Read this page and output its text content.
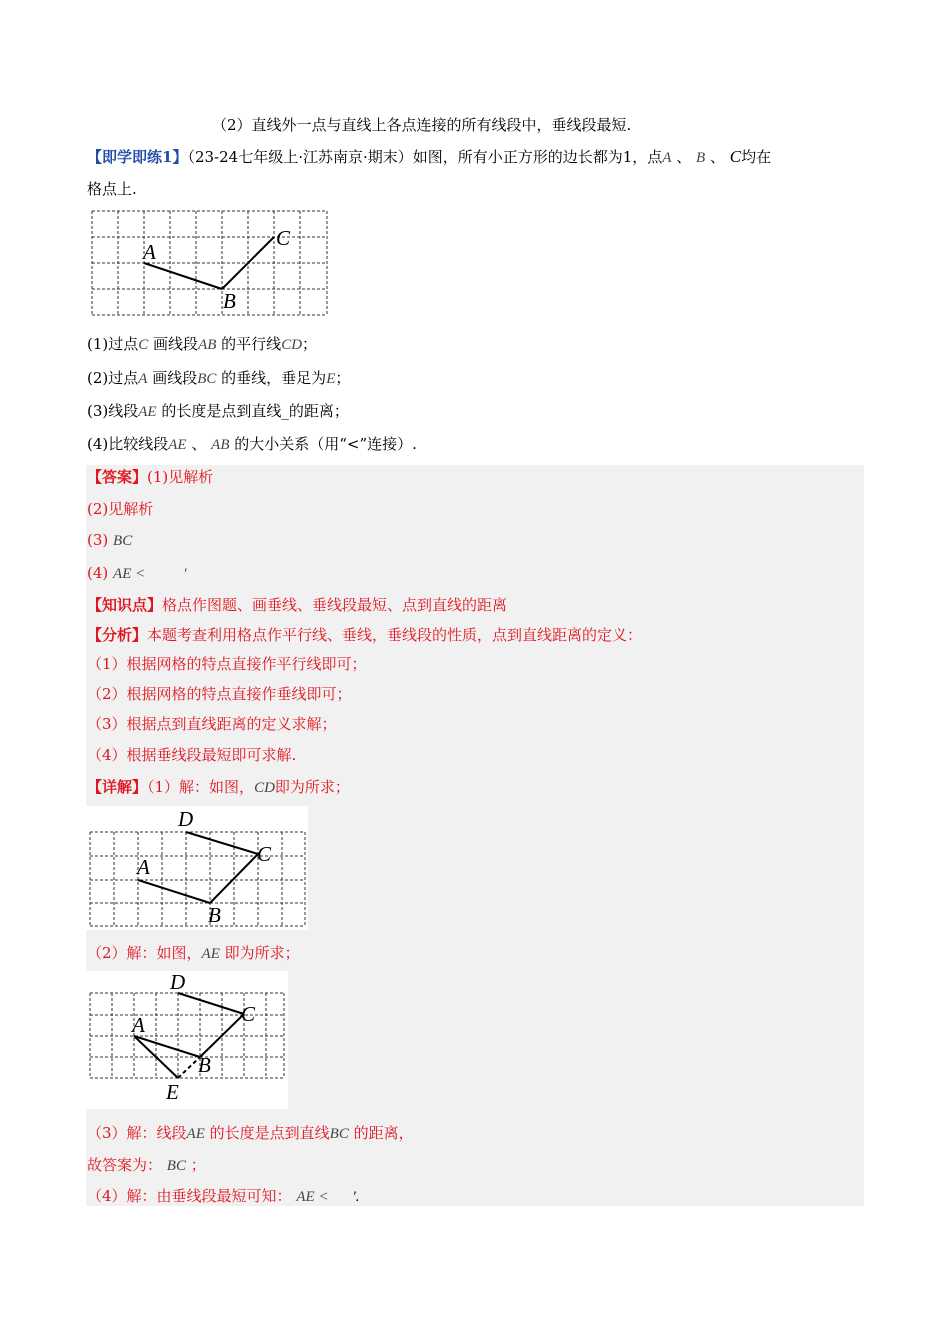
（2）直线外一点与直线上各点连接的所有线段中，垂线段最短.
【即学即练1】（23-24七年级上·江苏南京·期末）如图，所有小正方形的边长都为1，点A 、 B 、 C均在
格点上.
A
B
C
(1)过点C 画线段AB 的平行线CD；
(2)过点A 画线段BC 的垂线，垂足为E；
(3)线段AE 的长度是点到直线_的距离；
(4)比较线段AE 、 AB 的大小关系（用“<”连接）.
【答案】(1)见解析
(2)见解析
(3) BC
(4) AE <	'
【知识点】格点作图题、画垂线、垂线段最短、点到直线的距离
【分析】本题考查利用格点作平行线、垂线，垂线段的性质，点到直线距离的定义：
（1）根据网格的特点直接作平行线即可；
（2）根据网格的特点直接作垂线即可；
（3）根据点到直线距离的定义求解；
（4）根据垂线段最短即可求解.
【详解】（1）解：如图，CD即为所求；
D
A
B
C
（2）解：如图，AE 即为所求；
D
A
B
C
E
（3）解：线段AE 的长度是点到直线BC 的距离，
故答案为： BC ；
（4）解：由垂线段最短可知： AE < '.
